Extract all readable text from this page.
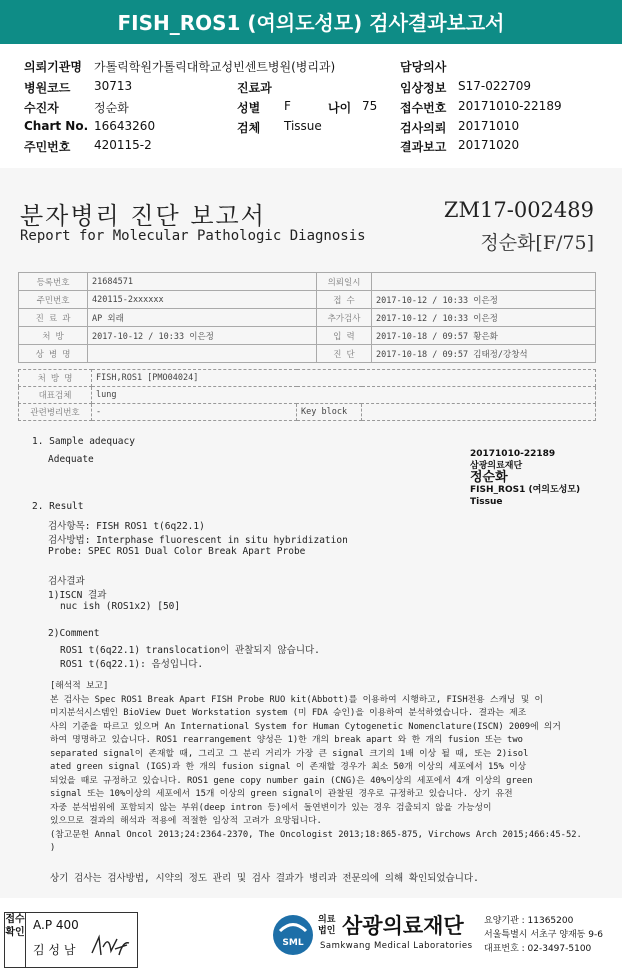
FISH_ROS1 (여의도성모) 검사결과보고서
의뢰기관명 가톨릭학원가톨릭대학교성빈센트병원(병리과)	담당의사
병원코드 30713	진료과	임상정보 S17-022709
수진자	정순화	성별 F	나이 75 접수번호 20171010-22189
Chart No. 16643260	검체 Tissue	검사의뢰 20171010
주민번호 420115-2	결과보고 20171020
분자병리 진단 보고서
Report for Molecular Pathologic Diagnosis
ZM17-002489
정순화[F/75]
등록번호	21684571	의뢰일시	
주민번호	420115-2xxxxxx	접 수	2017-10-12 / 10:33 이은정
진 료 과	AP 외래	추가검사	2017-10-12 / 10:33 이은정
처 방	2017-10-12 / 10:33 이은정	입 력	2017-10-18 / 09:57 황은화
상 병 명		진 단	2017-10-18 / 09:57 김태정/강창석
처 방 명	FISH,ROS1 [PMO04024]		
대표검체	lung		
관련병리번호	-	Key block	
20171010-22189
삼광의료재단
정순화
FISH_ROS1 (여의도성모)
Tissue
1. Sample adequacy
Adequate
2. Result
검사항목: FISH ROS1 t(6q22.1)
검사방법: Interphase fluorescent in situ hybridization
Probe: SPEC ROS1 Dual Color Break Apart Probe
검사결과
1)ISCN 결과
nuc ish (ROS1x2) [50]
2)Comment
ROS1 t(6q22.1) translocation이 관찰되지 않습니다.
ROS1 t(6q22.1): 음성입니다.
[해석적 보고]
본 검사는 Spec ROS1 Break Apart FISH Probe RUO kit(Abbott)를 이용하여 시행하고, FISH전용 스캐닝 및 이
미지분석시스템인 BioView Duet Workstation system (미 FDA 승인)을 이용하여 분석하였습니다. 결과는 제조
사의 기준을 따르고 있으며 An International System for Human Cytogenetic Nomenclature(ISCN) 2009에 의거
하여 명명하고 있습니다. ROS1 rearrangement 양성은 1)한 개의 break apart 와 한 개의 fusion 또는 two
separated signal이 존재할 때, 그리고 그 분리 거리가 가장 큰 signal 크기의 1배 이상 될 때, 또는 2)isol
ated green signal (IGS)과 한 개의 fusion signal 이 존재할 경우가 최소 50개 이상의 세포에서 15% 이상
되었을 때로 규정하고 있습니다. ROS1 gene copy number gain (CNG)은 40%이상의 세포에서 4개 이상의 green
signal 또는 10%이상의 세포에서 15개 이상의 green signal이 관찰된 경우로 규정하고 있습니다. 상기 유전
자중 분석범위에 포함되지 않는 부위(deep intron 등)에서 돌연변이가 있는 경우 검출되지 않을 가능성이
있으므로 결과의 해석과 적용에 적절한 임상적 고려가 요망됩니다.
(참고문헌 Annal Oncol 2013;24:2364-2370, The Oncologist 2013;18:865-875, Virchows Arch 2015;466:45-52.
)
상기 검사는 검사방법, 시약의 정도 관리 및 검사 결과가 병리과 전문의에 의해 확인되었습니다.
접수
확인
A.P 400
김 성 남	SML
의료
법인 삼광의료재단
Samkwang Medical Laboratories
요양기관 : 11365200
서울특별시 서초구 양재동 9-6
대표번호 : 02-3497-5100
